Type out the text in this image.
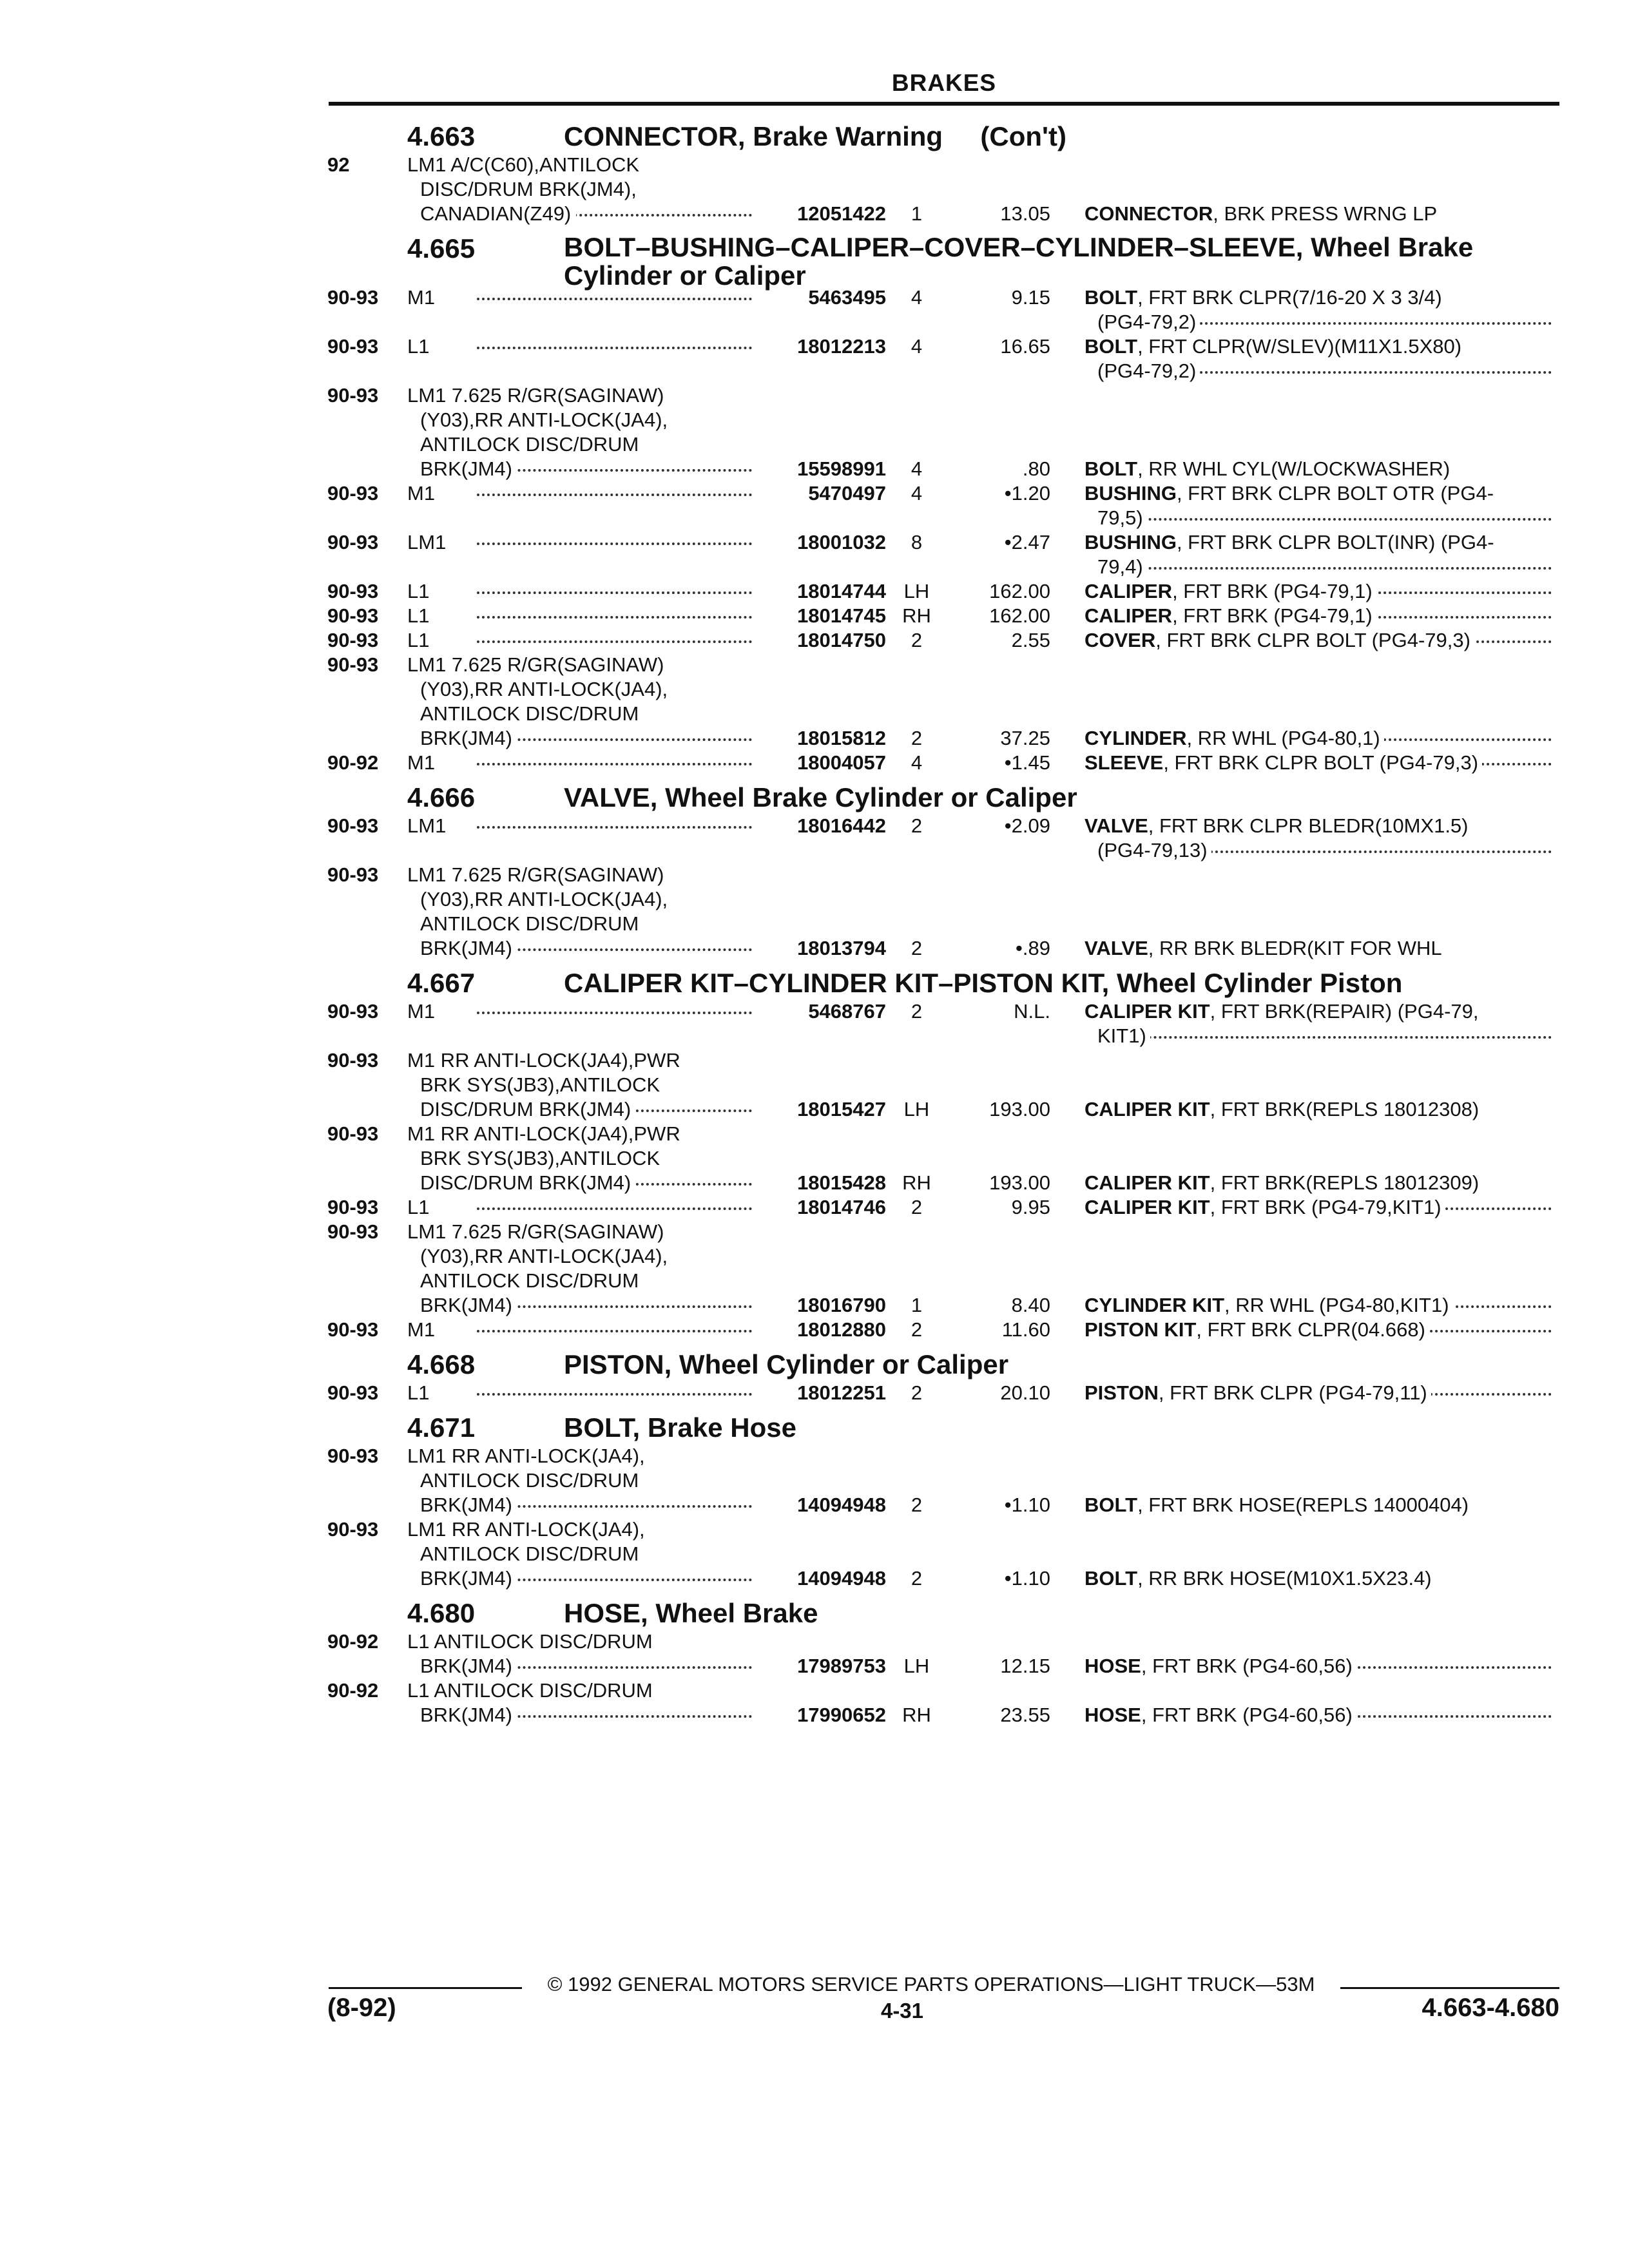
BRAKES
4.663	CONNECTOR, Brake Warning     (Con't)
92	LM1 A/C(C60),ANTILOCK
DISC/DRUM BRK(JM4),
CANADIAN(Z49)	12051422	1	13.05 CONNECTOR, BRK PRESS WRNG LP
4.665	BOLT–BUSHING–CALIPER–COVER–CYLINDER–SLEEVE, Wheel Brake Cylinder or Caliper
90-93 M1	5463495	4	9.15 BOLT, FRT BRK CLPR(7/16-20 X 3 3/4)
(PG4-79,2)
90-93 L1	18012213	4	16.65 BOLT, FRT CLPR(W/SLEV)(M11X1.5X80)
(PG4-79,2)
90-93 LM1 7.625 R/GR(SAGINAW)
(Y03),RR ANTI-LOCK(JA4),
ANTILOCK DISC/DRUM
BRK(JM4)	15598991	4	.80 BOLT, RR WHL CYL(W/LOCKWASHER)
90-93 M1	5470497	4	•1.20 BUSHING, FRT BRK CLPR BOLT OTR (PG4-
79,5)
90-93 LM1	18001032	8	•2.47 BUSHING, FRT BRK CLPR BOLT(INR) (PG4-
79,4)
90-93 L1	18014744 LH	162.00 CALIPER, FRT BRK (PG4-79,1)
90-93 L1	18014745 RH	162.00 CALIPER, FRT BRK (PG4-79,1)
90-93 L1	18014750	2	2.55 COVER, FRT BRK CLPR BOLT (PG4-79,3)
90-93 LM1 7.625 R/GR(SAGINAW)
(Y03),RR ANTI-LOCK(JA4),
ANTILOCK DISC/DRUM
BRK(JM4)	18015812	2	37.25 CYLINDER, RR WHL (PG4-80,1)
90-92 M1	18004057	4	•1.45 SLEEVE, FRT BRK CLPR BOLT (PG4-79,3)
4.666	VALVE, Wheel Brake Cylinder or Caliper
90-93 LM1	18016442	2	•2.09 VALVE, FRT BRK CLPR BLEDR(10MX1.5)
(PG4-79,13)
90-93 LM1 7.625 R/GR(SAGINAW)
(Y03),RR ANTI-LOCK(JA4),
ANTILOCK DISC/DRUM
BRK(JM4)	18013794	2	•.89 VALVE, RR BRK BLEDR(KIT FOR WHL
4.667	CALIPER KIT–CYLINDER KIT–PISTON KIT, Wheel Cylinder Piston
90-93 M1	5468767	2	N.L. CALIPER KIT, FRT BRK(REPAIR) (PG4-79,
KIT1)
90-93 M1 RR ANTI-LOCK(JA4),PWR
BRK SYS(JB3),ANTILOCK
DISC/DRUM BRK(JM4)	18015427 LH	193.00 CALIPER KIT, FRT BRK(REPLS 18012308)
90-93 M1 RR ANTI-LOCK(JA4),PWR
BRK SYS(JB3),ANTILOCK
DISC/DRUM BRK(JM4)	18015428 RH	193.00 CALIPER KIT, FRT BRK(REPLS 18012309)
90-93 L1	18014746	2	9.95 CALIPER KIT, FRT BRK (PG4-79,KIT1)
90-93 LM1 7.625 R/GR(SAGINAW)
(Y03),RR ANTI-LOCK(JA4),
ANTILOCK DISC/DRUM
BRK(JM4)	18016790	1	8.40 CYLINDER KIT, RR WHL (PG4-80,KIT1)
90-93 M1	18012880	2	11.60 PISTON KIT, FRT BRK CLPR(04.668)
4.668	PISTON, Wheel Cylinder or Caliper
90-93 L1	18012251	2	20.10 PISTON, FRT BRK CLPR (PG4-79,11)
4.671	BOLT, Brake Hose
90-93 LM1 RR ANTI-LOCK(JA4),
ANTILOCK DISC/DRUM
BRK(JM4)	14094948	2	•1.10 BOLT, FRT BRK HOSE(REPLS 14000404)
90-93 LM1 RR ANTI-LOCK(JA4),
ANTILOCK DISC/DRUM
BRK(JM4)	14094948	2	•1.10 BOLT, RR BRK HOSE(M10X1.5X23.4)
4.680	HOSE, Wheel Brake
90-92 L1 ANTILOCK DISC/DRUM
BRK(JM4)	17989753 LH	12.15 HOSE, FRT BRK (PG4-60,56)
90-92 L1 ANTILOCK DISC/DRUM
BRK(JM4)	17990652 RH	23.55 HOSE, FRT BRK (PG4-60,56)
© 1992 GENERAL MOTORS SERVICE PARTS OPERATIONS—LIGHT TRUCK—53M
(8-92)	4-31	4.663-4.680
